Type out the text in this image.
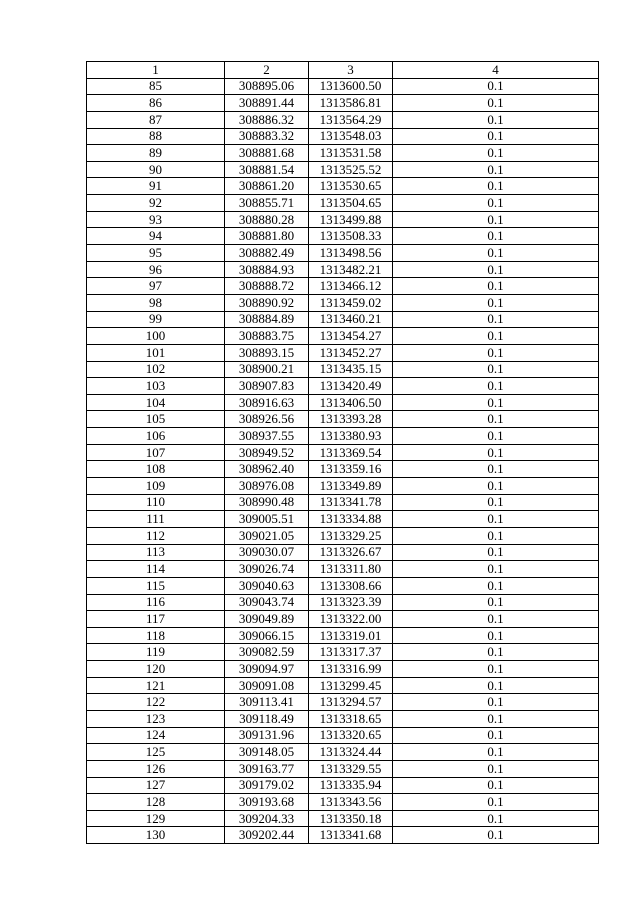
1	2	3	4
85	308895.06	1313600.50	0.1
86	308891.44	1313586.81	0.1
87	308886.32	1313564.29	0.1
88	308883.32	1313548.03	0.1
89	308881.68	1313531.58	0.1
90	308881.54	1313525.52	0.1
91	308861.20	1313530.65	0.1
92	308855.71	1313504.65	0.1
93	308880.28	1313499.88	0.1
94	308881.80	1313508.33	0.1
95	308882.49	1313498.56	0.1
96	308884.93	1313482.21	0.1
97	308888.72	1313466.12	0.1
98	308890.92	1313459.02	0.1
99	308884.89	1313460.21	0.1
100	308883.75	1313454.27	0.1
101	308893.15	1313452.27	0.1
102	308900.21	1313435.15	0.1
103	308907.83	1313420.49	0.1
104	308916.63	1313406.50	0.1
105	308926.56	1313393.28	0.1
106	308937.55	1313380.93	0.1
107	308949.52	1313369.54	0.1
108	308962.40	1313359.16	0.1
109	308976.08	1313349.89	0.1
110	308990.48	1313341.78	0.1
111	309005.51	1313334.88	0.1
112	309021.05	1313329.25	0.1
113	309030.07	1313326.67	0.1
114	309026.74	1313311.80	0.1
115	309040.63	1313308.66	0.1
116	309043.74	1313323.39	0.1
117	309049.89	1313322.00	0.1
118	309066.15	1313319.01	0.1
119	309082.59	1313317.37	0.1
120	309094.97	1313316.99	0.1
121	309091.08	1313299.45	0.1
122	309113.41	1313294.57	0.1
123	309118.49	1313318.65	0.1
124	309131.96	1313320.65	0.1
125	309148.05	1313324.44	0.1
126	309163.77	1313329.55	0.1
127	309179.02	1313335.94	0.1
128	309193.68	1313343.56	0.1
129	309204.33	1313350.18	0.1
130	309202.44	1313341.68	0.1
